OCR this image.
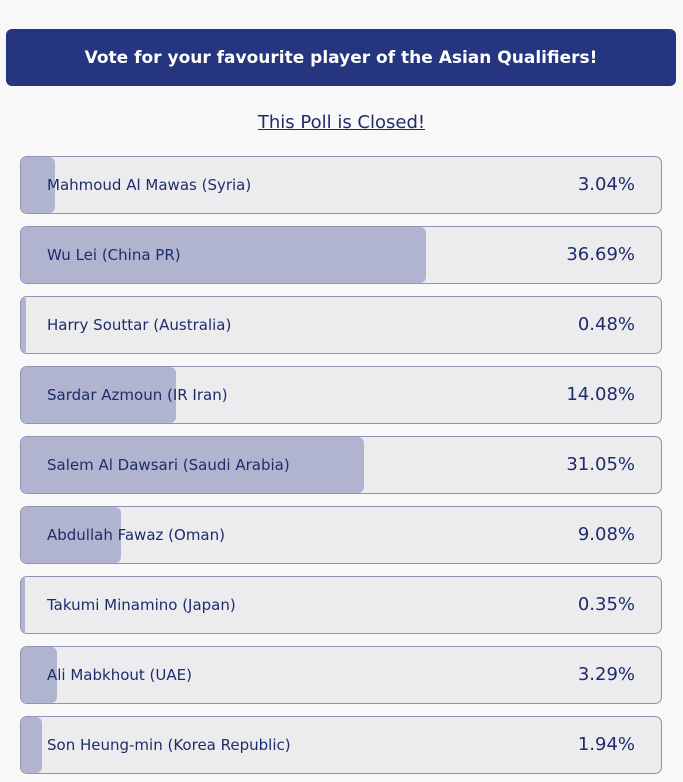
Vote for your favourite player of the Asian Qualifiers!
This Poll is Closed!
Mahmoud Al Mawas (Syria)	3.04%
Wu Lei (China PR)	36.69%
Harry Souttar (Australia)	0.48%
Sardar Azmoun (IR Iran)	14.08%
Salem Al Dawsari (Saudi Arabia)	31.05%
Abdullah Fawaz (Oman)	9.08%
Takumi Minamino (Japan)	0.35%
Ali Mabkhout (UAE)	3.29%
Son Heung-min (Korea Republic)	1.94%
